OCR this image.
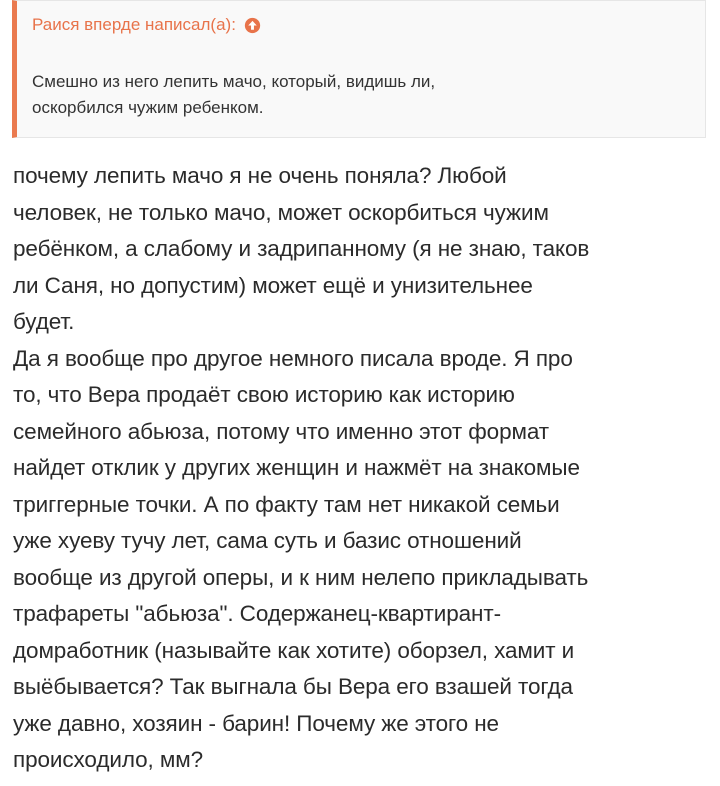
Раися вперде написал(а):
Смешно из него лепить мачо, который, видишь ли,
оскорбился чужим ребенком.
почему лепить мачо я не очень поняла? Любой
человек, не только мачо, может оскорбиться чужим
ребёнком, а слабому и задрипанному (я не знаю, таков
ли Саня, но допустим) может ещё и унизительнее
будет.
Да я вообще про другое немного писала вроде. Я про
то, что Вера продаёт свою историю как историю
семейного абьюза, потому что именно этот формат
найдет отклик у других женщин и нажмёт на знакомые
триггерные точки. А по факту там нет никакой семьи
уже хуеву тучу лет, сама суть и базис отношений
вообще из другой оперы, и к ним нелепо прикладывать
трафареты "абьюза". Содержанец-квартирант-
домработник (называйте как хотите) оборзел, хамит и
выёбывается? Так выгнала бы Вера его взашей тогда
уже давно, хозяин - барин! Почему же этого не
происходило, мм?
